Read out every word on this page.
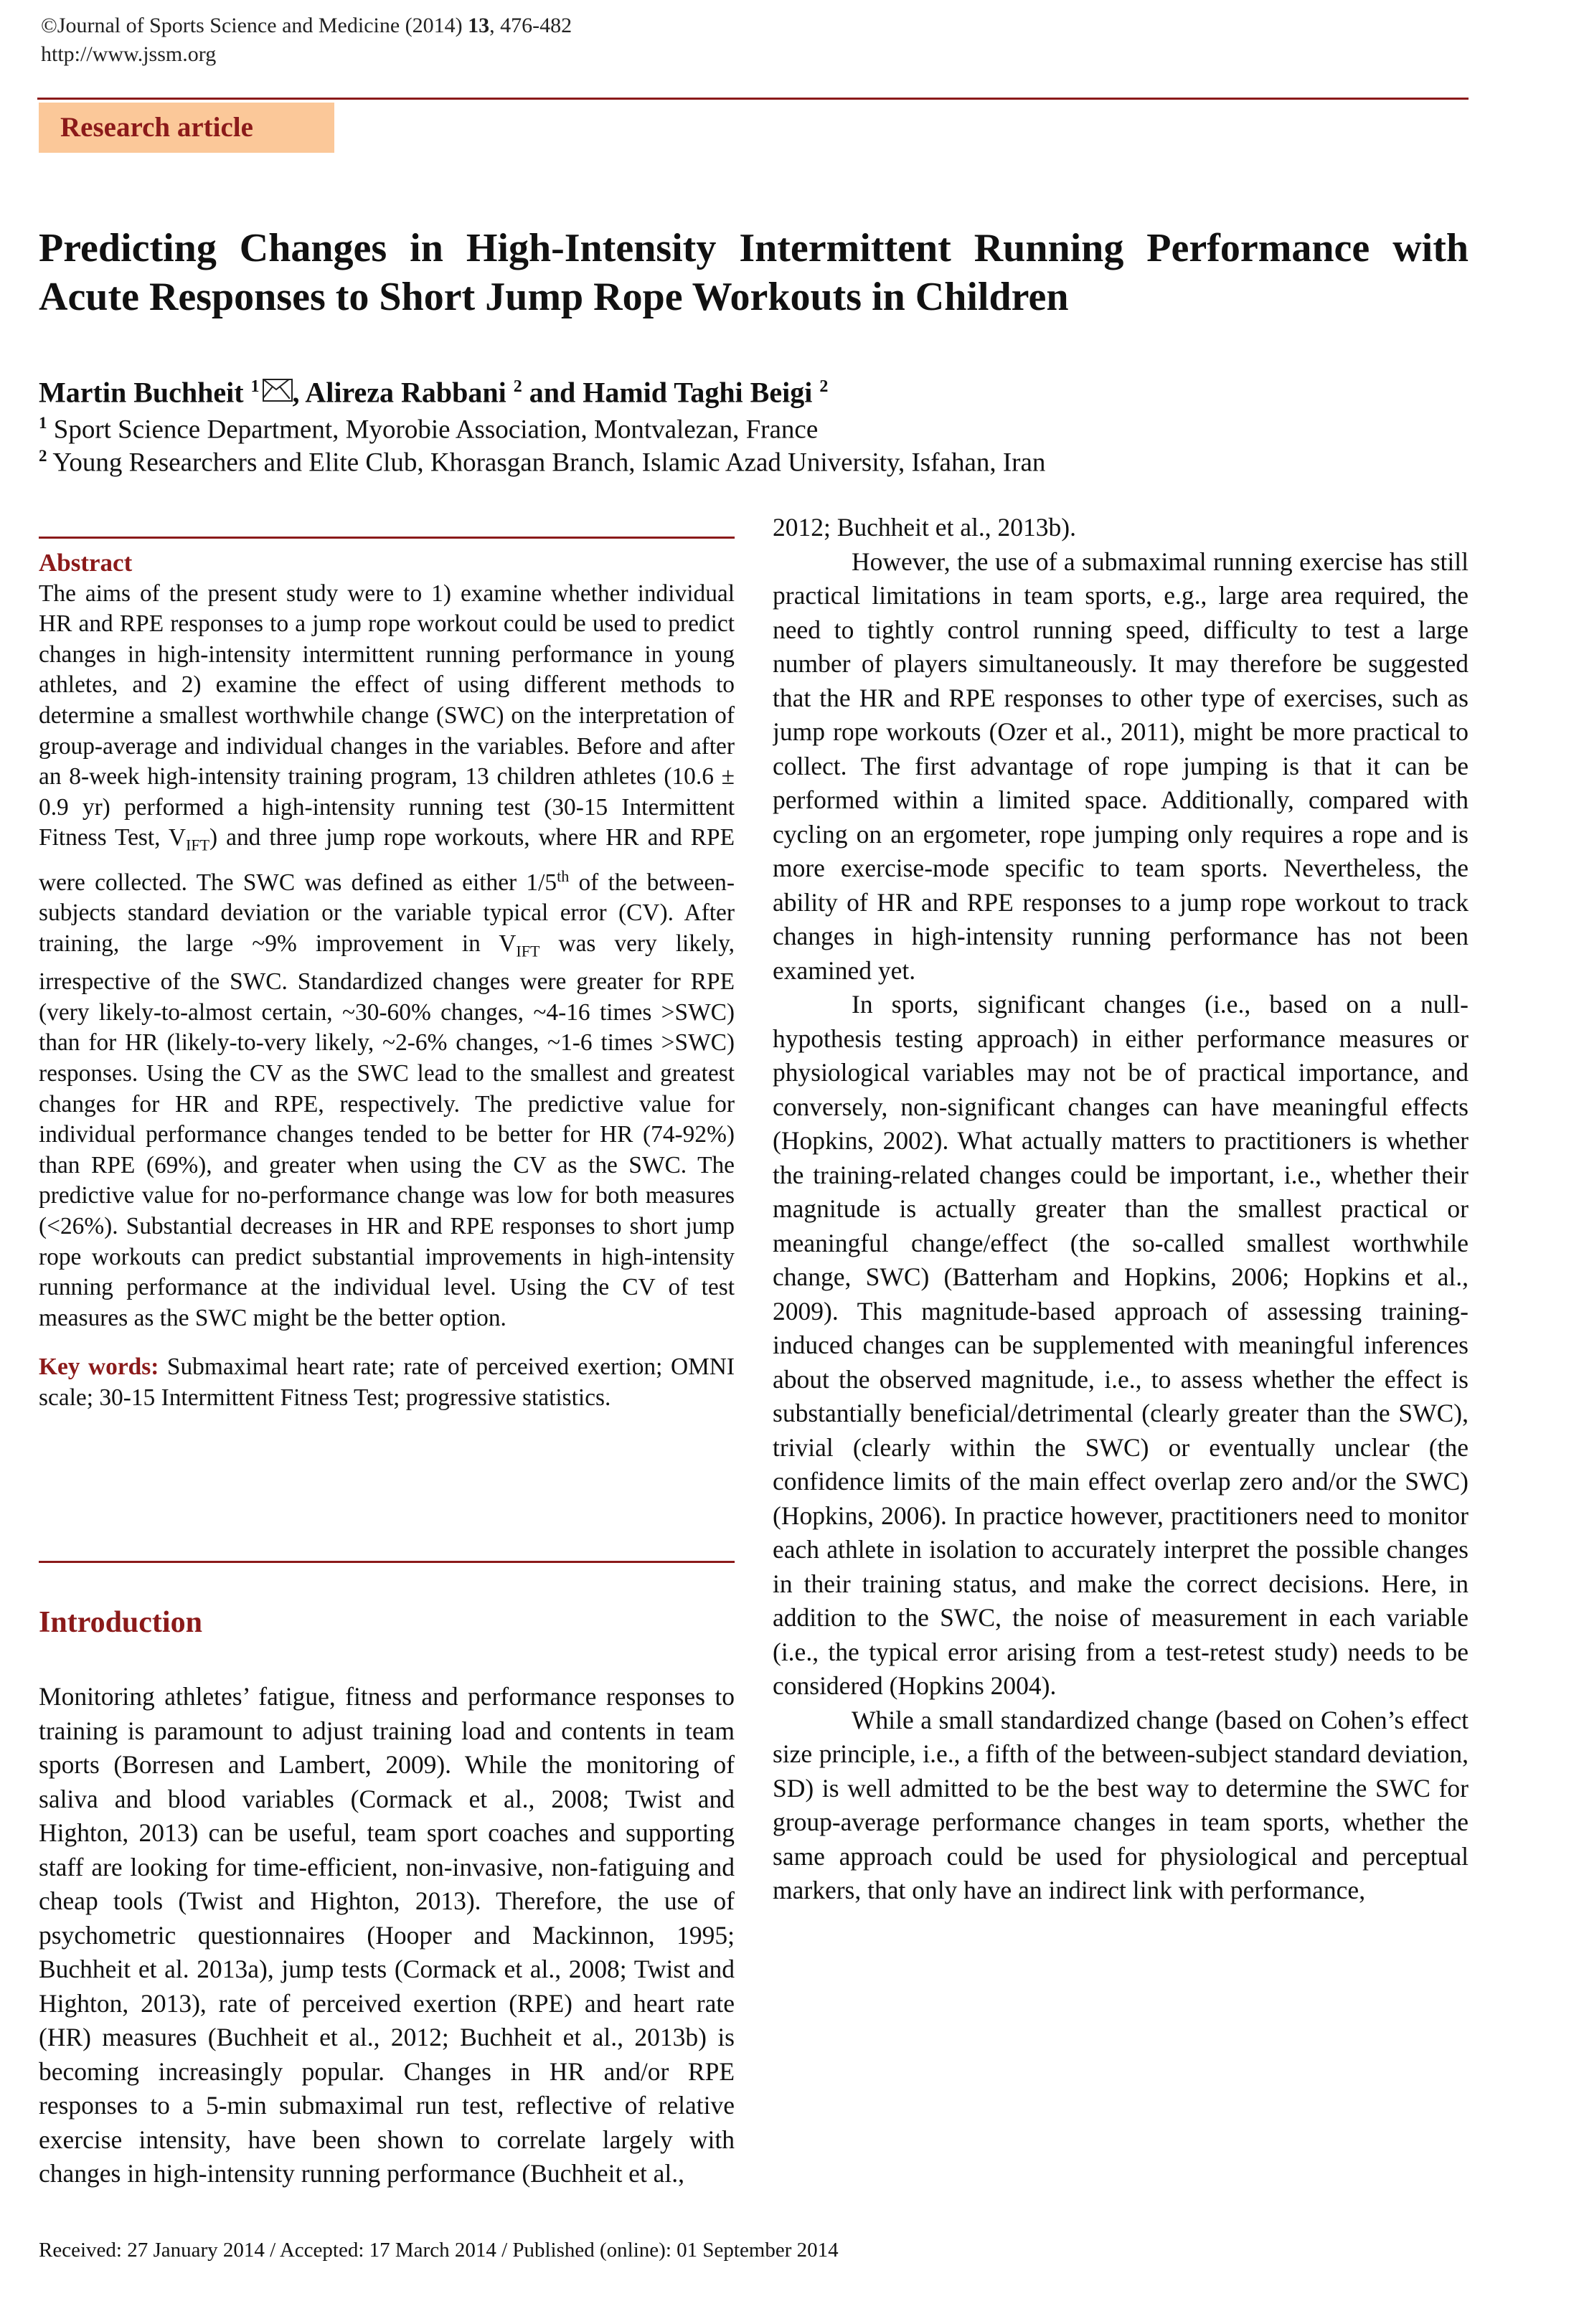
©Journal of Sports Science and Medicine (2014) 13, 476-482
http://www.jssm.org
Research article
Predicting Changes in High-Intensity Intermittent Running Performance with Acute Responses to Short Jump Rope Workouts in Children
Martin Buchheit $^1$ , Alireza Rabbani $^2$ and Hamid Taghi Beigi $^2$
$^1$ Sport Science Department, Myorobie Association, Montvalezan, France
$^2$ Young Researchers and Elite Club, Khorasgan Branch, Islamic Azad University, Isfahan, Iran
Abstract

The aims of the present study were to 1) examine whether individual HR and RPE responses to a jump rope workout could be used to predict changes in high-intensity intermittent running performance in young athletes, and 2) examine the effect of using different methods to determine a smallest worthwhile change (SWC) on the interpretation of group-average and individual changes in the variables. Before and after an 8-week high-intensity training program, 13 children athletes (10.6 ± 0.9 yr) performed a high-intensity running test (30-15 Intermittent Fitness Test, $V_{IFT}$) and three jump rope workouts, where HR and RPE were collected. The SWC was defined as either 1/5th of the between-subjects standard deviation or the variable typical error (CV). After training, the large ~9% improvement in $V_{IFT}$ was very likely, irrespective of the SWC. Standardized changes were greater for RPE (very likely-to-almost certain, ~30-60% changes, ~4-16 times >SWC) than for HR (likely-to-very likely, ~2-6% changes, ~1-6 times >SWC) responses. Using the CV as the SWC lead to the smallest and greatest changes for HR and RPE, respectively. The predictive value for individual performance changes tended to be better for HR (74-92%) than RPE (69%), and greater when using the CV as the SWC. The predictive value for no-performance change was low for both measures (<26%). Substantial decreases in HR and RPE responses to short jump rope workouts can predict substantial improvements in high-intensity running performance at the individual level. Using the CV of test measures as the SWC might be the better option.

Key words: Submaximal heart rate; rate of perceived exertion; OMNI scale; 30-15 Intermittent Fitness Test; progressive statistics.

Introduction

Monitoring athletes’ fatigue, fitness and performance responses to training is paramount to adjust training load and contents in team sports (Borresen and Lambert, 2009). While the monitoring of saliva and blood variables (Cormack et al., 2008; Twist and Highton, 2013) can be useful, team sport coaches and supporting staff are looking for time-efficient, non-invasive, non-fatiguing and cheap tools (Twist and Highton, 2013). Therefore, the use of psychometric questionnaires (Hooper and Mackinnon, 1995; Buchheit et al. 2013a), jump tests (Cormack et al., 2008; Twist and Highton, 2013), rate of perceived exertion (RPE) and heart rate (HR) measures (Buchheit et al., 2012; Buchheit et al., 2013b) is becoming increasingly popular. Changes in HR and/or RPE responses to a 5-min submaximal run test, reflective of relative exercise intensity, have been shown to correlate largely with changes in high-intensity running performance (Buchheit et al.,

2012; Buchheit et al., 2013b).

However, the use of a submaximal running exercise has still practical limitations in team sports, e.g., large area required, the need to tightly control running speed, difficulty to test a large number of players simultaneously. It may therefore be suggested that the HR and RPE responses to other type of exercises, such as jump rope workouts (Ozer et al., 2011), might be more practical to collect. The first advantage of rope jumping is that it can be performed within a limited space. Additionally, compared with cycling on an ergometer, rope jumping only requires a rope and is more exercise-mode specific to team sports. Nevertheless, the ability of HR and RPE responses to a jump rope workout to track changes in high-intensity running performance has not been examined yet.

In sports, significant changes (i.e., based on a null-hypothesis testing approach) in either performance measures or physiological variables may not be of practical importance, and conversely, non-significant changes can have meaningful effects (Hopkins, 2002). What actually matters to practitioners is whether the training-related changes could be important, i.e., whether their magnitude is actually greater than the smallest practical or meaningful change/effect (the so-called smallest worthwhile change, SWC) (Batterham and Hopkins, 2006; Hopkins et al., 2009). This magnitude-based approach of assessing training-induced changes can be supplemented with meaningful inferences about the observed magnitude, i.e., to assess whether the effect is substantially beneficial/detrimental (clearly greater than the SWC), trivial (clearly within the SWC) or eventually unclear (the confidence limits of the main effect overlap zero and/or the SWC) (Hopkins, 2006). In practice however, practitioners need to monitor each athlete in isolation to accurately interpret the possible changes in their training status, and make the correct decisions. Here, in addition to the SWC, the noise of measurement in each variable (i.e., the typical error arising from a test-retest study) needs to be considered (Hopkins 2004).

While a small standardized change (based on Cohen’s effect size principle, i.e., a fifth of the between-subject standard deviation, SD) is well admitted to be the best way to determine the SWC for group-average performance changes in team sports, whether the same approach could be used for physiological and perceptual markers, that only have an indirect link with performance,

Received: 27 January 2014 / Accepted: 17 March 2014 / Published (online): 01 September 2014
